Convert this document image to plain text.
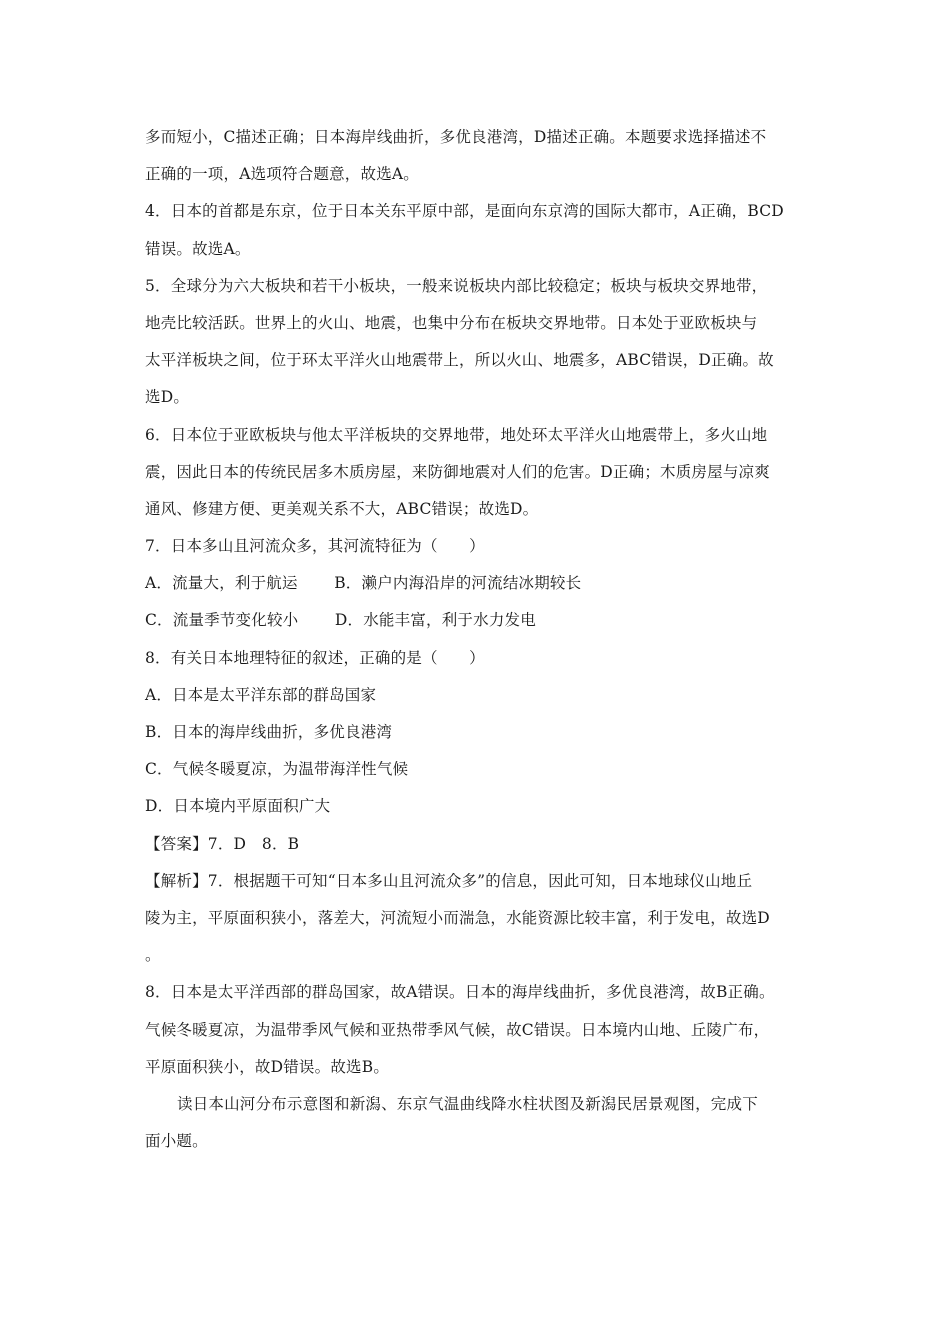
多而短小，C描述正确；日本海岸线曲折，多优良港湾，D描述正确。本题要求选择描述不
正确的一项，A选项符合题意，故选A。
4．日本的首都是东京，位于日本关东平原中部，是面向东京湾的国际大都市，A正确，BCD
错误。故选A。
5．全球分为六大板块和若干小板块，一般来说板块内部比较稳定；板块与板块交界地带，
地壳比较活跃。世界上的火山、地震，也集中分布在板块交界地带。日本处于亚欧板块与
太平洋板块之间，位于环太平洋火山地震带上，所以火山、地震多，ABC错误，D正确。故
选D。
6．日本位于亚欧板块与他太平洋板块的交界地带，地处环太平洋火山地震带上，多火山地
震，因此日本的传统民居多木质房屋，来防御地震对人们的危害。D正确；木质房屋与凉爽
通风、修建方便、更美观关系不大，ABC错误；故选D。
7．日本多山且河流众多，其河流特征为（　　）
A．流量大，利于航运　　 B．濑户内海沿岸的河流结冰期较长
C．流量季节变化较小　　 D．水能丰富，利于水力发电
8．有关日本地理特征的叙述，正确的是（　　）
A．日本是太平洋东部的群岛国家
B．日本的海岸线曲折，多优良港湾
C．气候冬暖夏凉，为温带海洋性气候
D．日本境内平原面积广大
【答案】7．D　8．B
【解析】7．根据题干可知“日本多山且河流众多”的信息，因此可知，日本地球仪山地丘
陵为主，平原面积狭小，落差大，河流短小而湍急，水能资源比较丰富，利于发电，故选D
。
8．日本是太平洋西部的群岛国家，故A错误。日本的海岸线曲折，多优良港湾，故B正确。
气候冬暖夏凉，为温带季风气候和亚热带季风气候，故C错误。日本境内山地、丘陵广布，
平原面积狭小，故D错误。故选B。
读日本山河分布示意图和新潟、东京气温曲线降水柱状图及新潟民居景观图，完成下
面小题。
